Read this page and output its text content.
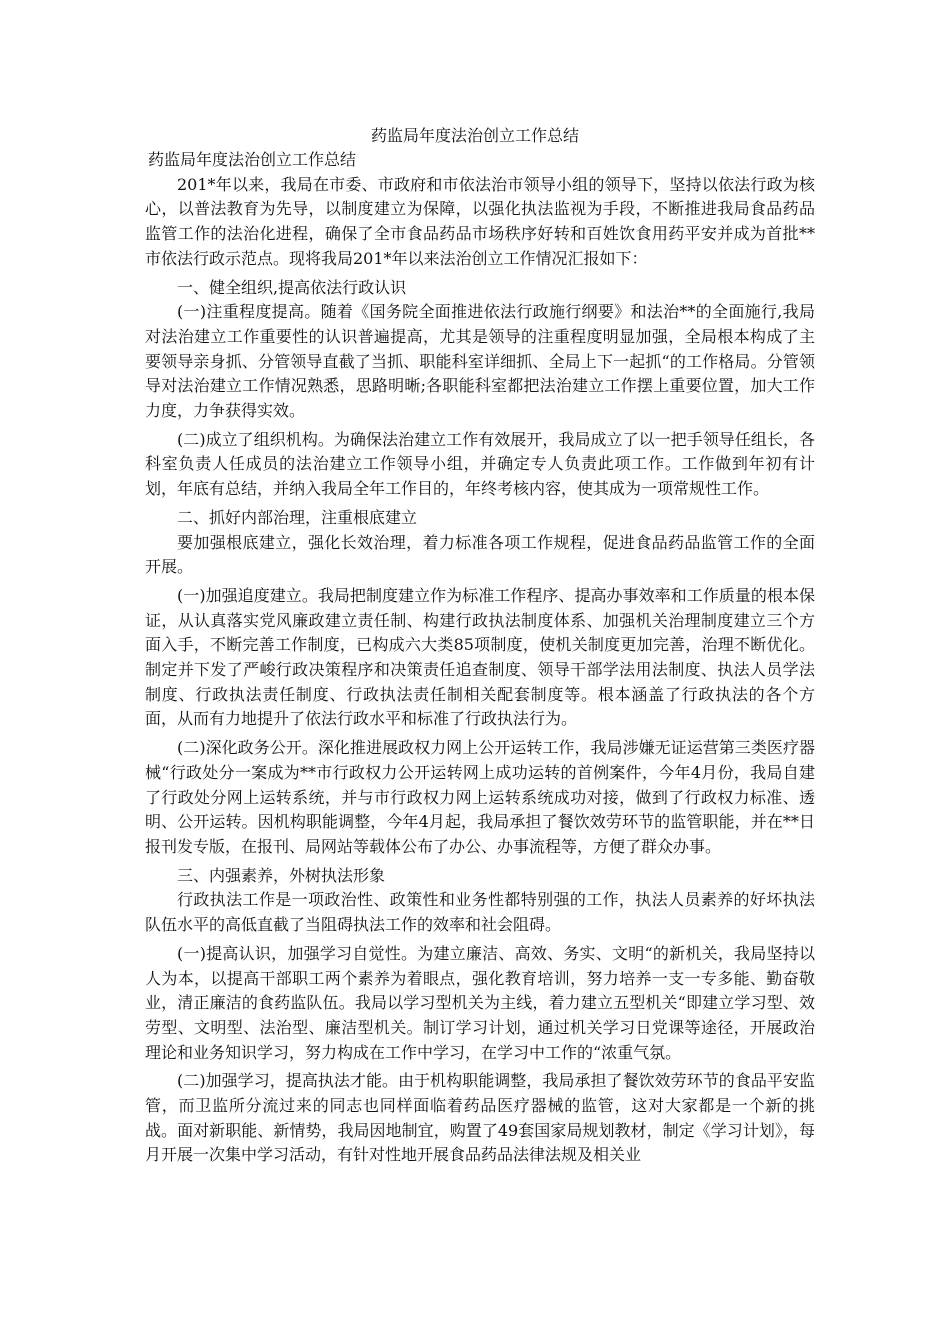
药监局年度法治创立工作总结

药监局年度法治创立工作总结

201*年以来，我局在市委、市政府和市依法治市领导小组的领导下，坚持以依法行政为核心，以普法教育为先导，以制度建立为保障，以强化执法监视为手段，不断推进我局食品药品监管工作的法治化进程，确保了全市食品药品市场秩序好转和百姓饮食用药平安并成为首批**市依法行政示范点。现将我局201*年以来法治创立工作情况汇报如下：

一、健全组织,提高依法行政认识

(一)注重程度提高。随着《国务院全面推进依法行政施行纲要》和法治**的全面施行,我局对法治建立工作重要性的认识普遍提高，尤其是领导的注重程度明显加强，全局根本构成了主要领导亲身抓、分管领导直截了当抓、职能科室详细抓、全局上下一起抓“的工作格局。分管领导对法治建立工作情况熟悉，思路明晰;各职能科室都把法治建立工作摆上重要位置，加大工作力度，力争获得实效。

(二)成立了组织机构。为确保法治建立工作有效展开，我局成立了以一把手领导任组长，各科室负责人任成员的法治建立工作领导小组，并确定专人负责此项工作。工作做到年初有计划，年底有总结，并纳入我局全年工作目的，年终考核内容，使其成为一项常规性工作。

二、抓好内部治理，注重根底建立

要加强根底建立，强化长效治理，着力标准各项工作规程，促进食品药品监管工作的全面开展。

(一)加强追度建立。我局把制度建立作为标准工作程序、提高办事效率和工作质量的根本保证，从认真落实党风廉政建立责任制、构建行政执法制度体系、加强机关治理制度建立三个方面入手，不断完善工作制度，已构成六大类85项制度，使机关制度更加完善，治理不断优化。制定并下发了严峻行政决策程序和决策责任追查制度、领导干部学法用法制度、执法人员学法制度、行政执法责任制度、行政执法责任制相关配套制度等。根本涵盖了行政执法的各个方面，从而有力地提升了依法行政水平和标准了行政执法行为。

(二)深化政务公开。深化推进展政权力网上公开运转工作，我局涉嫌无证运营第三类医疗器械“行政处分一案成为**市行政权力公开运转网上成功运转的首例案件，今年4月份，我局自建了行政处分网上运转系统，并与市行政权力网上运转系统成功对接，做到了行政权力标准、透明、公开运转。因机构职能调整，今年4月起，我局承担了餐饮效劳环节的监管职能，并在**日报刊发专版，在报刊、局网站等载体公布了办公、办事流程等，方便了群众办事。

三、内强素养，外树执法形象

行政执法工作是一项政治性、政策性和业务性都特别强的工作，执法人员素养的好坏执法队伍水平的高低直截了当阻碍执法工作的效率和社会阻碍。

(一)提高认识，加强学习自觉性。为建立廉洁、高效、务实、文明“的新机关，我局坚持以人为本，以提高干部职工两个素养为着眼点，强化教育培训，努力培养一支一专多能、勤奋敬业，清正廉洁的食药监队伍。我局以学习型机关为主线，着力建立五型机关“即建立学习型、效劳型、文明型、法治型、廉洁型机关。制订学习计划，通过机关学习日党课等途径，开展政治理论和业务知识学习，努力构成在工作中学习，在学习中工作的“浓重气氛。

(二)加强学习，提高执法才能。由于机构职能调整，我局承担了餐饮效劳环节的食品平安监管，而卫监所分流过来的同志也同样面临着药品医疗器械的监管，这对大家都是一个新的挑战。面对新职能、新情势，我局因地制宜，购置了49套国家局规划教材，制定《学习计划》，每月开展一次集中学习活动，有针对性地开展食品药品法律法规及相关业
